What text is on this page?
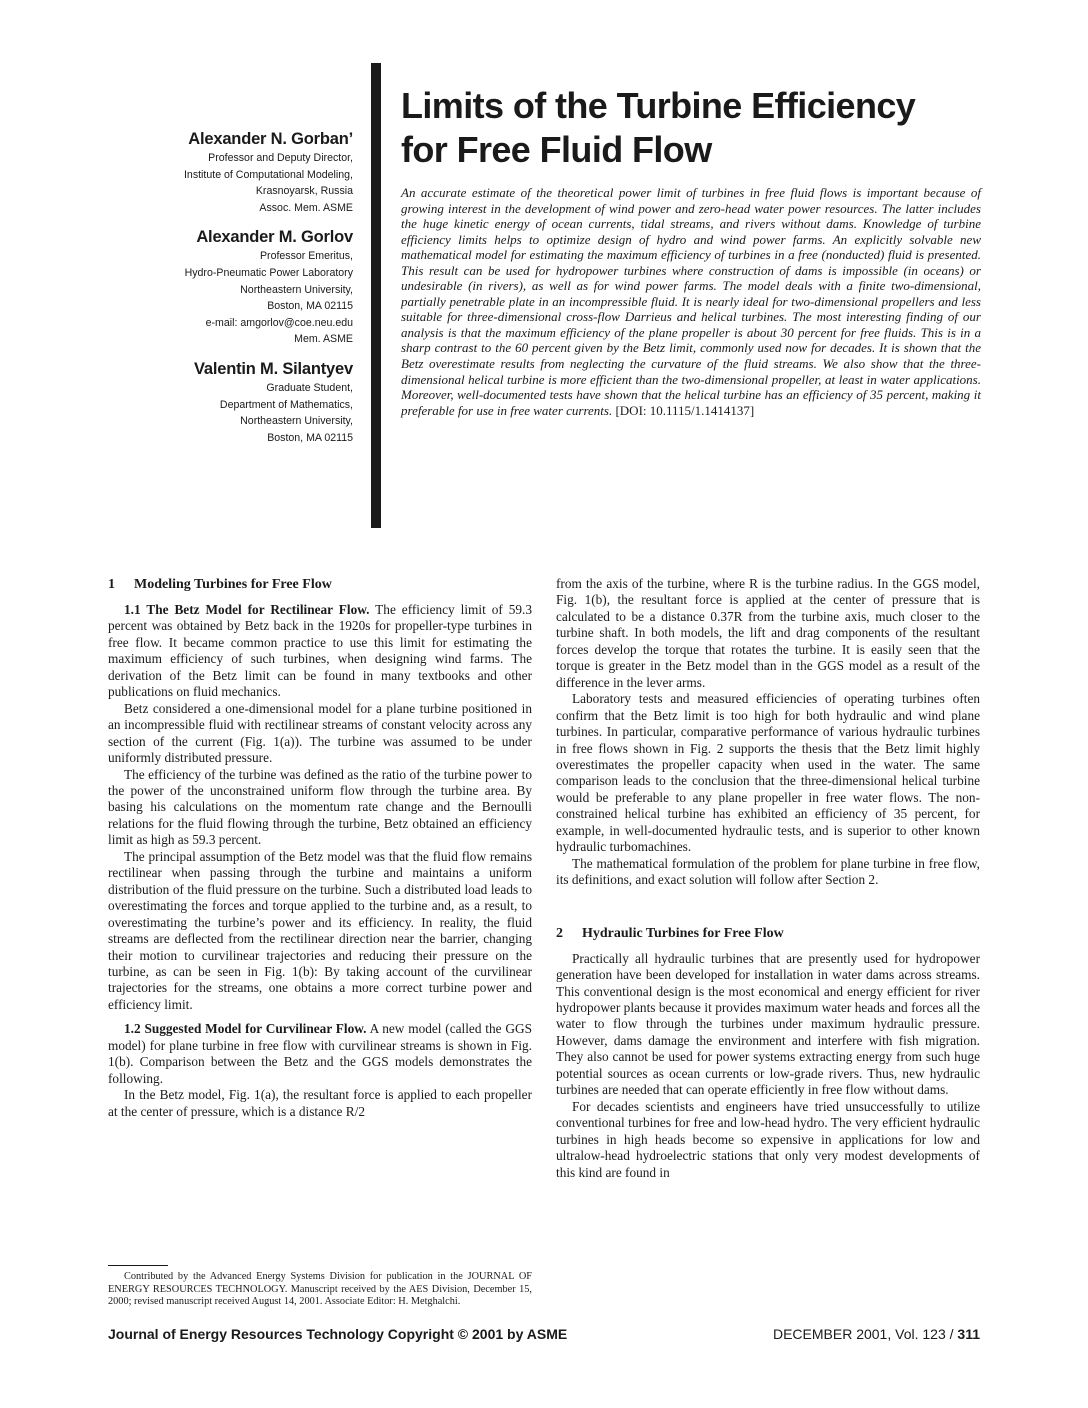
Alexander N. Gorban’
Professor and Deputy Director,
Institute of Computational Modeling,
Krasnoyarsk, Russia
Assoc. Mem. ASME
Alexander M. Gorlov
Professor Emeritus,
Hydro-Pneumatic Power Laboratory
Northeastern University,
Boston, MA 02115
e-mail: amgorlov@coe.neu.edu
Mem. ASME
Valentin M. Silantyev
Graduate Student,
Department of Mathematics,
Northeastern University,
Boston, MA 02115
Limits of the Turbine Efficiency
for Free Fluid Flow

An accurate estimate of the theoretical power limit of turbines in free fluid flows is important because of growing interest in the development of wind power and zero-head water power resources. The latter includes the huge kinetic energy of ocean currents, tidal streams, and rivers without dams. Knowledge of turbine efficiency limits helps to optimize design of hydro and wind power farms. An explicitly solvable new mathematical model for estimating the maximum efficiency of turbines in a free (nonducted) fluid is presented. This result can be used for hydropower turbines where construction of dams is impossible (in oceans) or undesirable (in rivers), as well as for wind power farms. The model deals with a finite two-dimensional, partially penetrable plate in an incompressible fluid. It is nearly ideal for two-dimensional propellers and less suitable for three-dimensional cross-flow Darrieus and helical turbines. The most interesting finding of our analysis is that the maximum efficiency of the plane propeller is about 30 percent for free fluids. This is in a sharp contrast to the 60 percent given by the Betz limit, commonly used now for decades. It is shown that the Betz overestimate results from neglecting the curvature of the fluid streams. We also show that the three-dimensional helical turbine is more efficient than the two-dimensional propeller, at least in water applications. Moreover, well-documented tests have shown that the helical turbine has an efficiency of 35 percent, making it preferable for use in free water currents. [DOI: 10.1115/1.1414137]

1 Modeling Turbines for Free Flow

1.1 The Betz Model for Rectilinear Flow. The efficiency limit of 59.3 percent was obtained by Betz back in the 1920s for propeller-type turbines in free flow. It became common practice to use this limit for estimating the maximum efficiency of such turbines, when designing wind farms. The derivation of the Betz limit can be found in many textbooks and other publications on fluid mechanics.

Betz considered a one-dimensional model for a plane turbine positioned in an incompressible fluid with rectilinear streams of constant velocity across any section of the current (Fig. 1(a)). The turbine was assumed to be under uniformly distributed pressure.

The efficiency of the turbine was defined as the ratio of the turbine power to the power of the unconstrained uniform flow through the turbine area. By basing his calculations on the momentum rate change and the Bernoulli relations for the fluid flowing through the turbine, Betz obtained an efficiency limit as high as 59.3 percent.

The principal assumption of the Betz model was that the fluid flow remains rectilinear when passing through the turbine and maintains a uniform distribution of the fluid pressure on the turbine. Such a distributed load leads to overestimating the forces and torque applied to the turbine and, as a result, to overestimating the turbine’s power and its efficiency. In reality, the fluid streams are deflected from the rectilinear direction near the barrier, changing their motion to curvilinear trajectories and reducing their pressure on the turbine, as can be seen in Fig. 1(b): By taking account of the curvilinear trajectories for the streams, one obtains a more correct turbine power and efficiency limit.

1.2 Suggested Model for Curvilinear Flow. A new model (called the GGS model) for plane turbine in free flow with curvilinear streams is shown in Fig. 1(b). Comparison between the Betz and the GGS models demonstrates the following.

In the Betz model, Fig. 1(a), the resultant force is applied to each propeller at the center of pressure, which is a distance R/2

from the axis of the turbine, where R is the turbine radius. In the GGS model, Fig. 1(b), the resultant force is applied at the center of pressure that is calculated to be a distance 0.37R from the turbine axis, much closer to the turbine shaft. In both models, the lift and drag components of the resultant forces develop the torque that rotates the turbine. It is easily seen that the torque is greater in the Betz model than in the GGS model as a result of the difference in the lever arms.

Laboratory tests and measured efficiencies of operating turbines often confirm that the Betz limit is too high for both hydraulic and wind plane turbines. In particular, comparative performance of various hydraulic turbines in free flows shown in Fig. 2 supports the thesis that the Betz limit highly overestimates the propeller capacity when used in the water. The same comparison leads to the conclusion that the three-dimensional helical turbine would be preferable to any plane propeller in free water flows. The non-constrained helical turbine has exhibited an efficiency of 35 percent, for example, in well-documented hydraulic tests, and is superior to other known hydraulic turbomachines.

The mathematical formulation of the problem for plane turbine in free flow, its definitions, and exact solution will follow after Section 2.

2 Hydraulic Turbines for Free Flow

Practically all hydraulic turbines that are presently used for hydropower generation have been developed for installation in water dams across streams. This conventional design is the most economical and energy efficient for river hydropower plants because it provides maximum water heads and forces all the water to flow through the turbines under maximum hydraulic pressure. However, dams damage the environment and interfere with fish migration. They also cannot be used for power systems extracting energy from such huge potential sources as ocean currents or low-grade rivers. Thus, new hydraulic turbines are needed that can operate efficiently in free flow without dams.

For decades scientists and engineers have tried unsuccessfully to utilize conventional turbines for free and low-head hydro. The very efficient hydraulic turbines in high heads become so expensive in applications for low and ultralow-head hydroelectric stations that only very modest developments of this kind are found in

Contributed by the Advanced Energy Systems Division for publication in the JOURNAL OF ENERGY RESOURCES TECHNOLOGY. Manuscript received by the AES Division, December 15, 2000; revised manuscript received August 14, 2001. Associate Editor: H. Metghalchi.

Journal of Energy Resources Technology Copyright © 2001 by ASME	DECEMBER 2001, Vol. 123 / 311
